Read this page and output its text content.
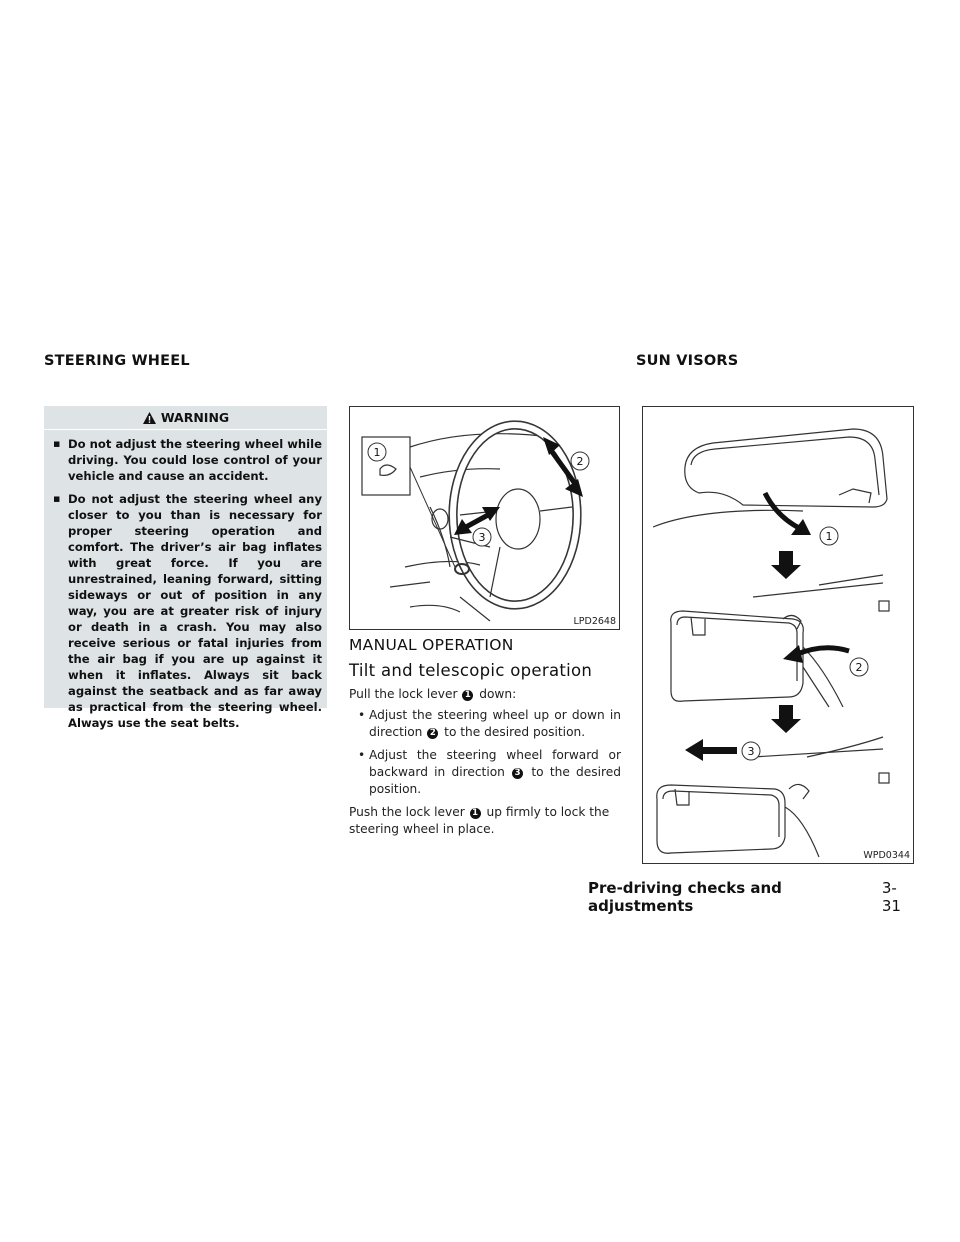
STEERING WHEEL	SUN VISORS
WARNING
▪ Do not adjust the steering wheel while driving. You could lose control of your vehicle and cause an accident.
▪ Do not adjust the steering wheel any closer to you than is necessary for proper steering operation and comfort. The driver’s air bag inflates with great force. If you are unrestrained, leaning forward, sitting sideways or out of position in any way, you are at greater risk of injury or death in a crash. You may also receive serious or fatal injuries from the air bag if you are up against it when it inflates. Always sit back against the seatback and as far away as practical from the steering wheel. Always use the seat belts.
1
2
3
LPD2648
MANUAL OPERATION
Tilt and telescopic operation
Pull the lock lever 1 down:
• Adjust the steering wheel up or down in direction 2 to the desired position.
• Adjust the steering wheel forward or backward in direction 3 to the desired position.
Push the lock lever 1 up firmly to lock the steering wheel in place.
1
2
3
WPD0344
Pre-driving checks and adjustments
3-31
